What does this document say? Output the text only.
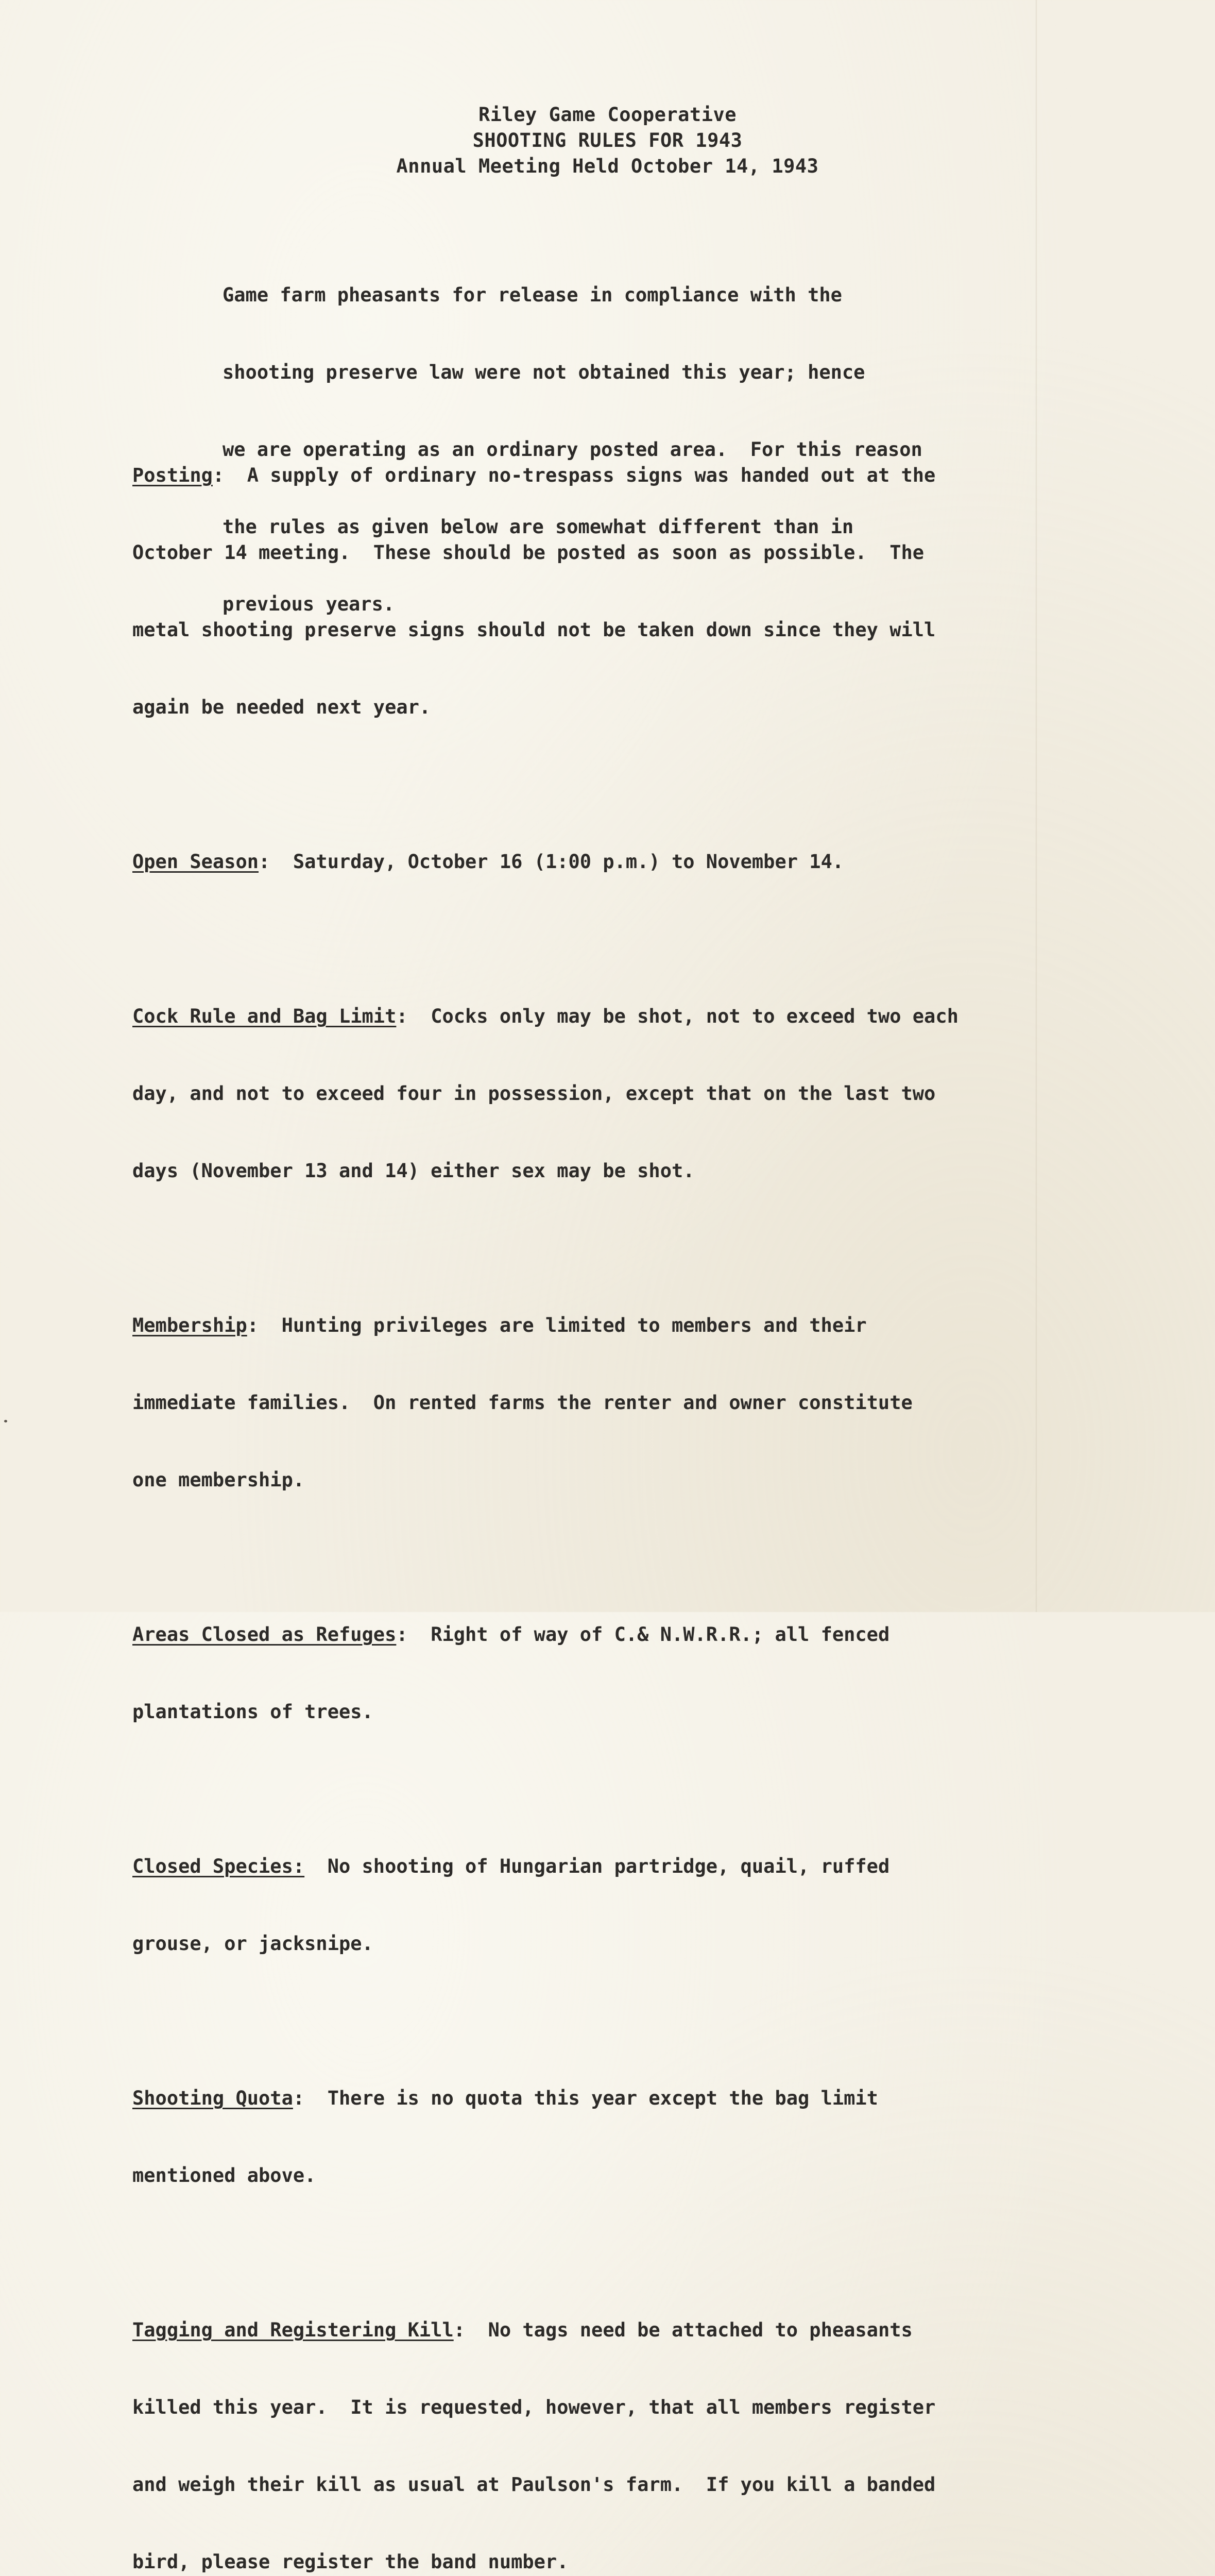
Riley Game Cooperative
SHOOTING RULES FOR 1943
Annual Meeting Held October 14, 1943

Game farm pheasants for release in compliance with the

shooting preserve law were not obtained this year; hence

we are operating as an ordinary posted area.  For this reason

the rules as given below are somewhat different than in

previous years.

Posting:  A supply of ordinary no-trespass signs was handed out at the

October 14 meeting.  These should be posted as soon as possible.  The

metal shooting preserve signs should not be taken down since they will

again be needed next year.

Open Season:  Saturday, October 16 (1:00 p.m.) to November 14.

Cock Rule and Bag Limit:  Cocks only may be shot, not to exceed two each

day, and not to exceed four in possession, except that on the last two

days (November 13 and 14) either sex may be shot.

Membership:  Hunting privileges are limited to members and their

immediate families.  On rented farms the renter and owner constitute

one membership.

Areas Closed as Refuges:  Right of way of C.& N.W.R.R.; all fenced

plantations of trees.

Closed Species: No shooting of Hungarian partridge, quail, ruffed

grouse, or jacksnipe.

Shooting Quota:  There is no quota this year except the bag limit

mentioned above.

Tagging and Registering Kill:  No tags need be attached to pheasants

killed this year.  It is requested, however, that all members register

and weigh their kill as usual at Paulson's farm.  If you kill a banded

bird, please register the band number.
